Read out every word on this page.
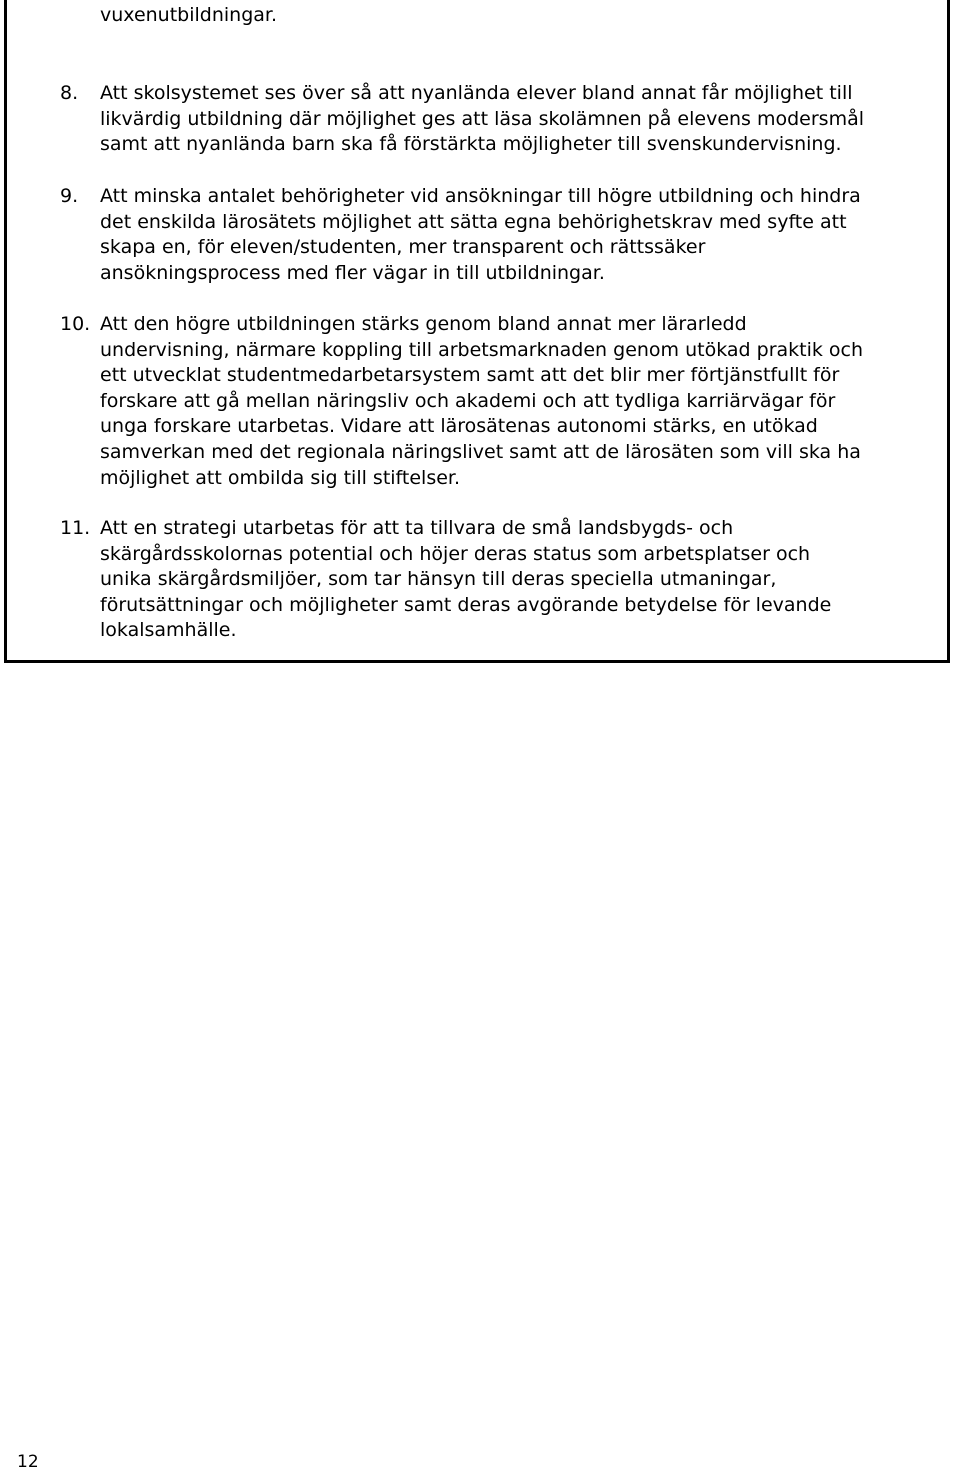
vuxenutbildningar.
8. Att skolsystemet ses över så att nyanlända elever bland annat får möjlighet till
likvärdig utbildning där möjlighet ges att läsa skolämnen på elevens modersmål
samt att nyanlända barn ska få förstärkta möjligheter till svenskundervisning.
9. Att minska antalet behörigheter vid ansökningar till högre utbildning och hindra
det enskilda lärosätets möjlighet att sätta egna behörighetskrav med syfte att
skapa en, för eleven/studenten, mer transparent och rättssäker
ansökningsprocess med fler vägar in till utbildningar.
10. Att den högre utbildningen stärks genom bland annat mer lärarledd
undervisning, närmare koppling till arbetsmarknaden genom utökad praktik och
ett utvecklat studentmedarbetarsystem samt att det blir mer förtjänstfullt för
forskare att gå mellan näringsliv och akademi och att tydliga karriärvägar för
unga forskare utarbetas. Vidare att lärosätenas autonomi stärks, en utökad
samverkan med det regionala näringslivet samt att de lärosäten som vill ska ha
möjlighet att ombilda sig till stiftelser.
11. Att en strategi utarbetas för att ta tillvara de små landsbygds- och
skärgårdsskolornas potential och höjer deras status som arbetsplatser och
unika skärgårdsmiljöer, som tar hänsyn till deras speciella utmaningar,
förutsättningar och möjligheter samt deras avgörande betydelse för levande
lokalsamhälle.
12
